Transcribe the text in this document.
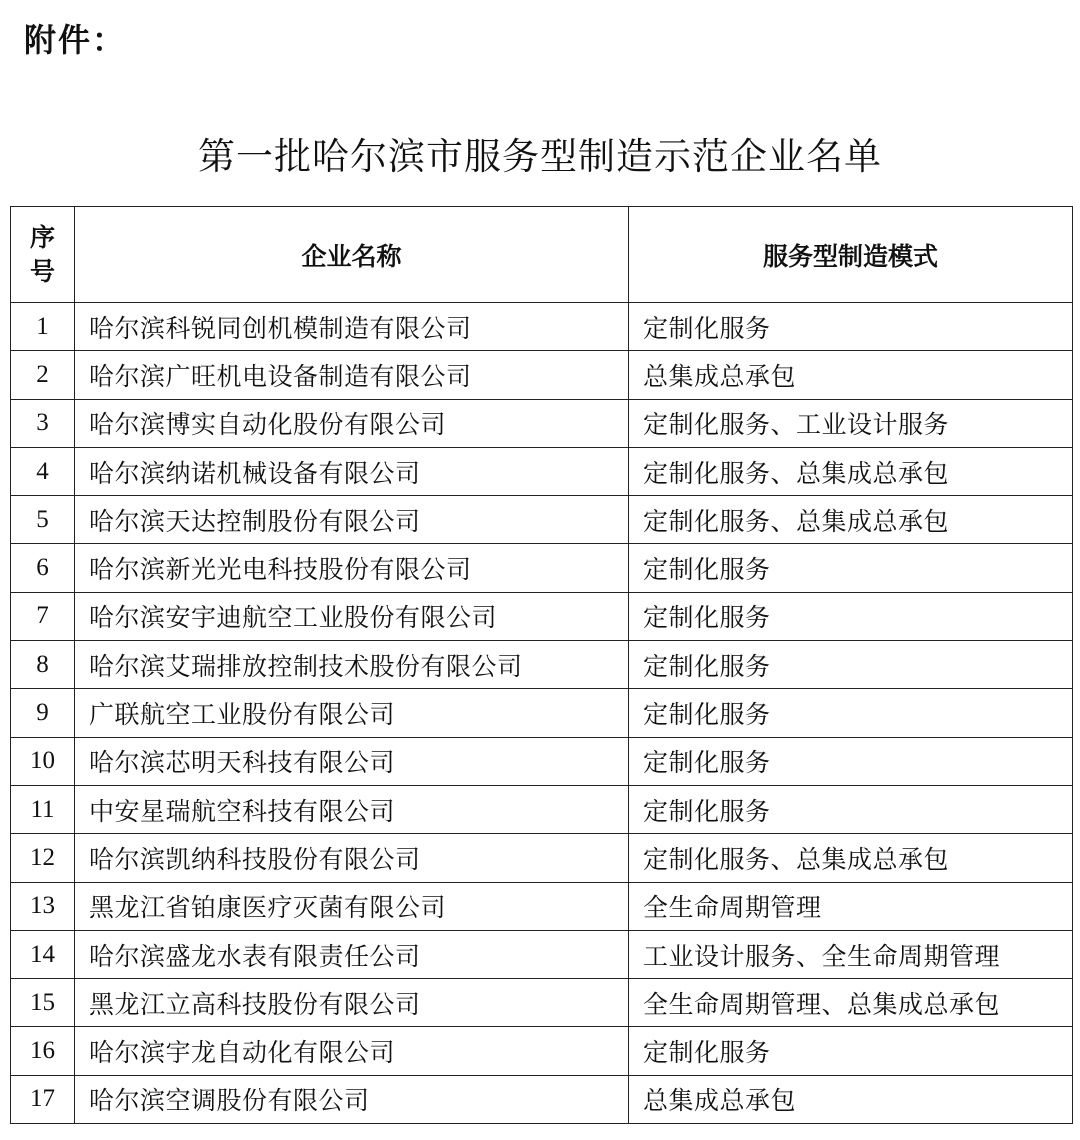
附件：
第一批哈尔滨市服务型制造示范企业名单
序
号	企业名称	服务型制造模式
1	哈尔滨科锐同创机模制造有限公司	定制化服务
2	哈尔滨广旺机电设备制造有限公司	总集成总承包
3	哈尔滨博实自动化股份有限公司	定制化服务、工业设计服务
4	哈尔滨纳诺机械设备有限公司	定制化服务、总集成总承包
5	哈尔滨天达控制股份有限公司	定制化服务、总集成总承包
6	哈尔滨新光光电科技股份有限公司	定制化服务
7	哈尔滨安宇迪航空工业股份有限公司	定制化服务
8	哈尔滨艾瑞排放控制技术股份有限公司	定制化服务
9	广联航空工业股份有限公司	定制化服务
10	哈尔滨芯明天科技有限公司	定制化服务
11	中安星瑞航空科技有限公司	定制化服务
12	哈尔滨凯纳科技股份有限公司	定制化服务、总集成总承包
13	黑龙江省铂康医疗灭菌有限公司	全生命周期管理
14	哈尔滨盛龙水表有限责任公司	工业设计服务、全生命周期管理
15	黑龙江立高科技股份有限公司	全生命周期管理、总集成总承包
16	哈尔滨宇龙自动化有限公司	定制化服务
17	哈尔滨空调股份有限公司	总集成总承包
